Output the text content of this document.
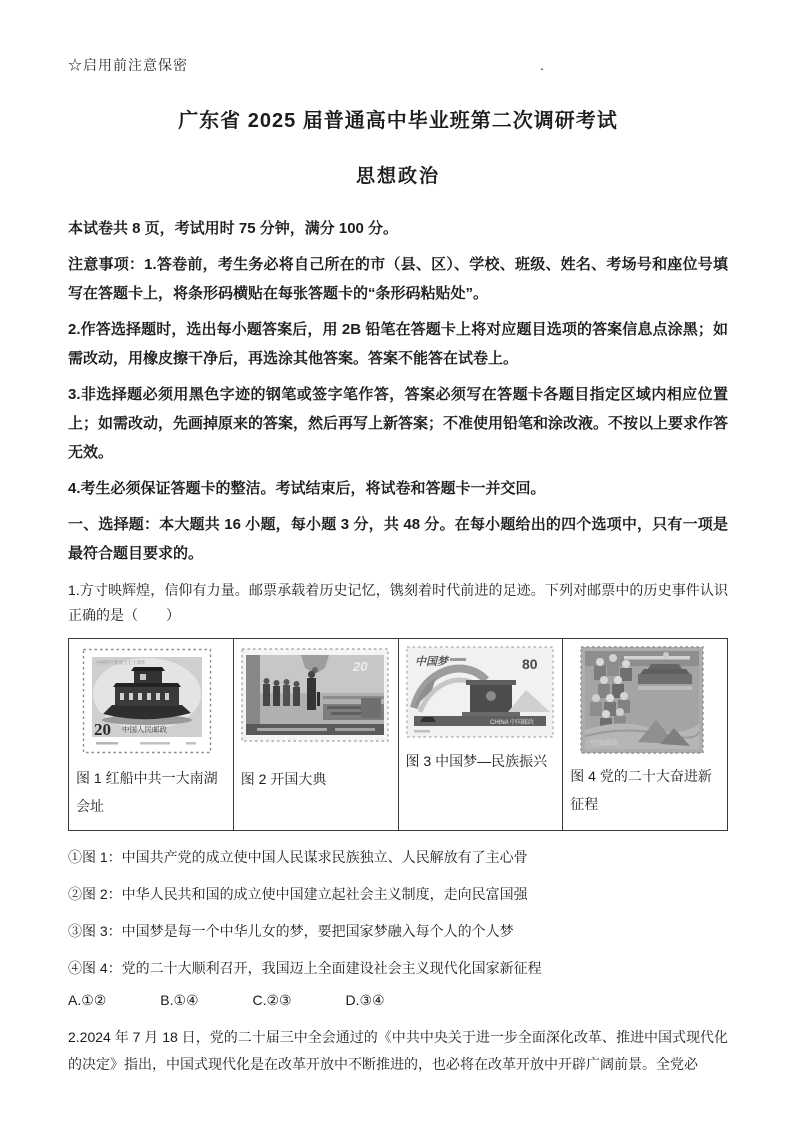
☆启用前注意保密	.
广东省 2025 届普通高中毕业班第二次调研考试
思想政治

本试卷共 8 页，考试用时 75 分钟，满分 100 分。

注意事项：1.答卷前，考生务必将自己所在的市（县、区）、学校、班级、姓名、考场号和座位号填写在答题卡上，将条形码横贴在每张答题卡的“条形码粘贴处”。

2.作答选择题时，选出每小题答案后，用 2B 铅笔在答题卡上将对应题目选项的答案信息点涂黑；如需改动，用橡皮擦干净后，再选涂其他答案。答案不能答在试卷上。

3.非选择题必须用黑色字迹的钢笔或签字笔作答，答案必须写在答题卡各题目指定区域内相应位置上；如需改动，先画掉原来的答案，然后再写上新答案；不准使用铅笔和涂改液。不按以上要求作答无效。

4.考生必须保证答题卡的整洁。考试结束后，将试卷和答题卡一并交回。

一、选择题：本大题共 16 小题，每小题 3 分，共 48 分。在每小题给出的四个选项中，只有一项是最符合题目要求的。

1.方寸映辉煌，信仰有力量。邮票承载着历史记忆，镌刻着时代前进的足迹。下列对邮票中的历史事件认识正确的是（　　）

20 中国人民邮政
中国共产党成立七十周年
图 1 红船中共一大南湖会址

20
图 2 开国大典

中国梦	80
CHINA 中国邮政
图 3 中国梦—民族振兴

中国邮政
图 4 党的二十大奋进新征程

①图 1：中国共产党的成立使中国人民谋求民族独立、人民解放有了主心骨

②图 2：中华人民共和国的成立使中国建立起社会主义制度，走向民富国强

③图 3：中国梦是每一个中华儿女的梦，要把国家梦融入每个人的个人梦

④图 4：党的二十大顺利召开，我国迈上全面建设社会主义现代化国家新征程

A.①②	B.①④	C.②③	D.③④

2.2024 年 7 月 18 日，党的二十届三中全会通过的《中共中央关于进一步全面深化改革、推进中国式现代化的决定》指出，中国式现代化是在改革开放中不断推进的，也必将在改革开放中开辟广阔前景。全党必
